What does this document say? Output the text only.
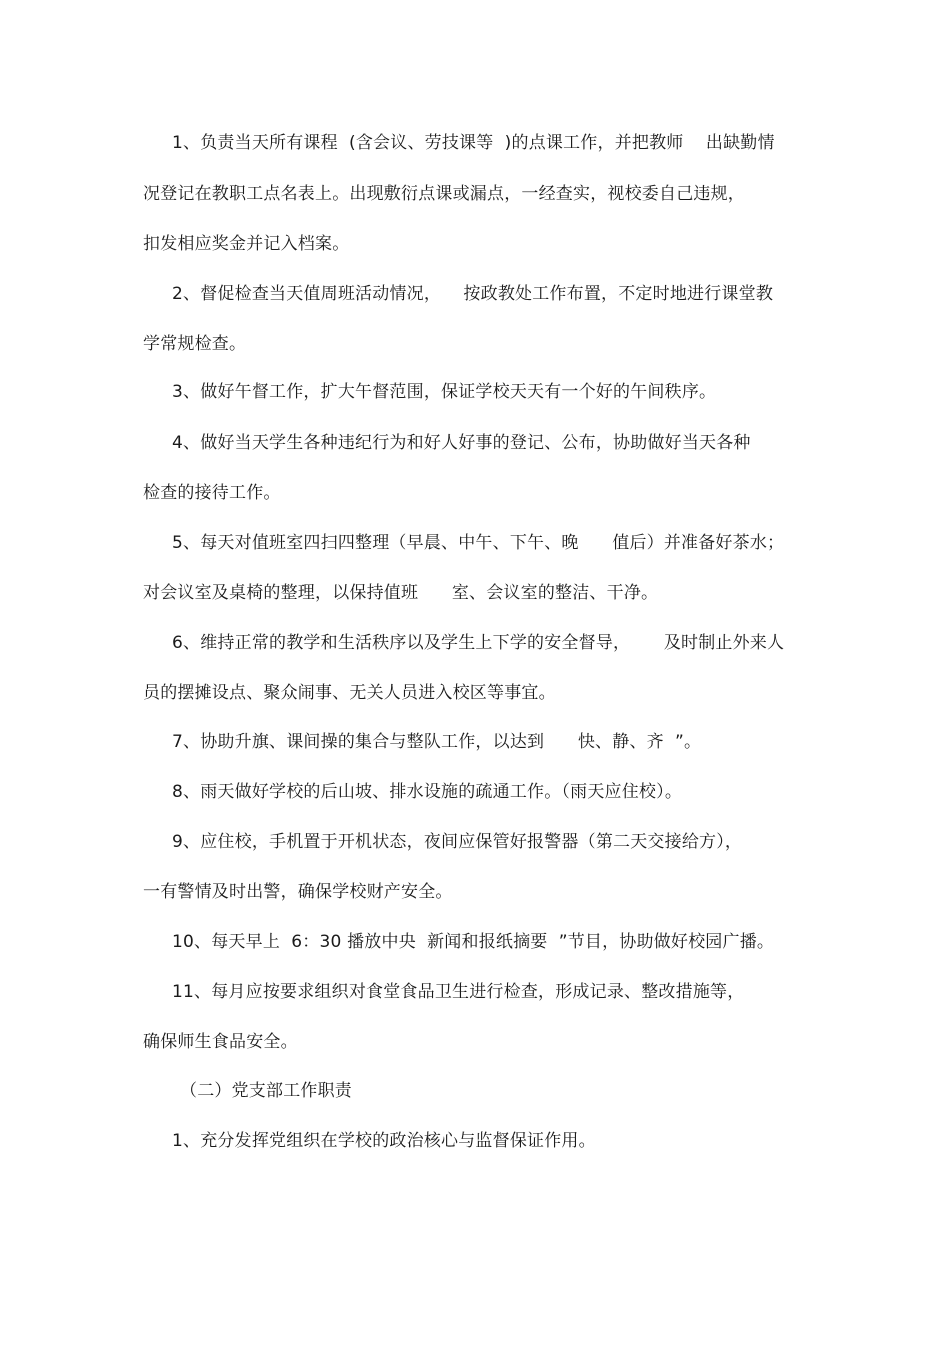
1、负责当天所有课程  (含会议、劳技课等  )的点课工作，并把教师    出缺勤情
况登记在教职工点名表上。出现敷衍点课或漏点，一经查实，视校委自己违规，
扣发相应奖金并记入档案。
2、督促检查当天值周班活动情况，    按政教处工作布置，不定时地进行课堂教
学常规检查。
3、做好午督工作，扩大午督范围，保证学校天天有一个好的午间秩序。
4、做好当天学生各种违纪行为和好人好事的登记、公布，协助做好当天各种
检查的接待工作。
5、每天对值班室四扫四整理（早晨、中午、下午、晚      值后）并准备好茶水；
对会议室及桌椅的整理，以保持值班      室、会议室的整洁、干净。
6、维持正常的教学和生活秩序以及学生上下学的安全督导，      及时制止外来人
员的摆摊设点、聚众闹事、无关人员进入校区等事宜。
7、协助升旗、课间操的集合与整队工作，以达到      快、静、齐  ”。
8、雨天做好学校的后山坡、排水设施的疏通工作。（雨天应住校）。
9、应住校，手机置于开机状态，夜间应保管好报警器（第二天交接给方），
一有警情及时出警，确保学校财产安全。
10、每天早上  6：30 播放中央  新闻和报纸摘要  ”节目，协助做好校园广播。
11、每月应按要求组织对食堂食品卫生进行检查，形成记录、整改措施等，
确保师生食品安全。
（二）党支部工作职责
1、充分发挥党组织在学校的政治核心与监督保证作用。
